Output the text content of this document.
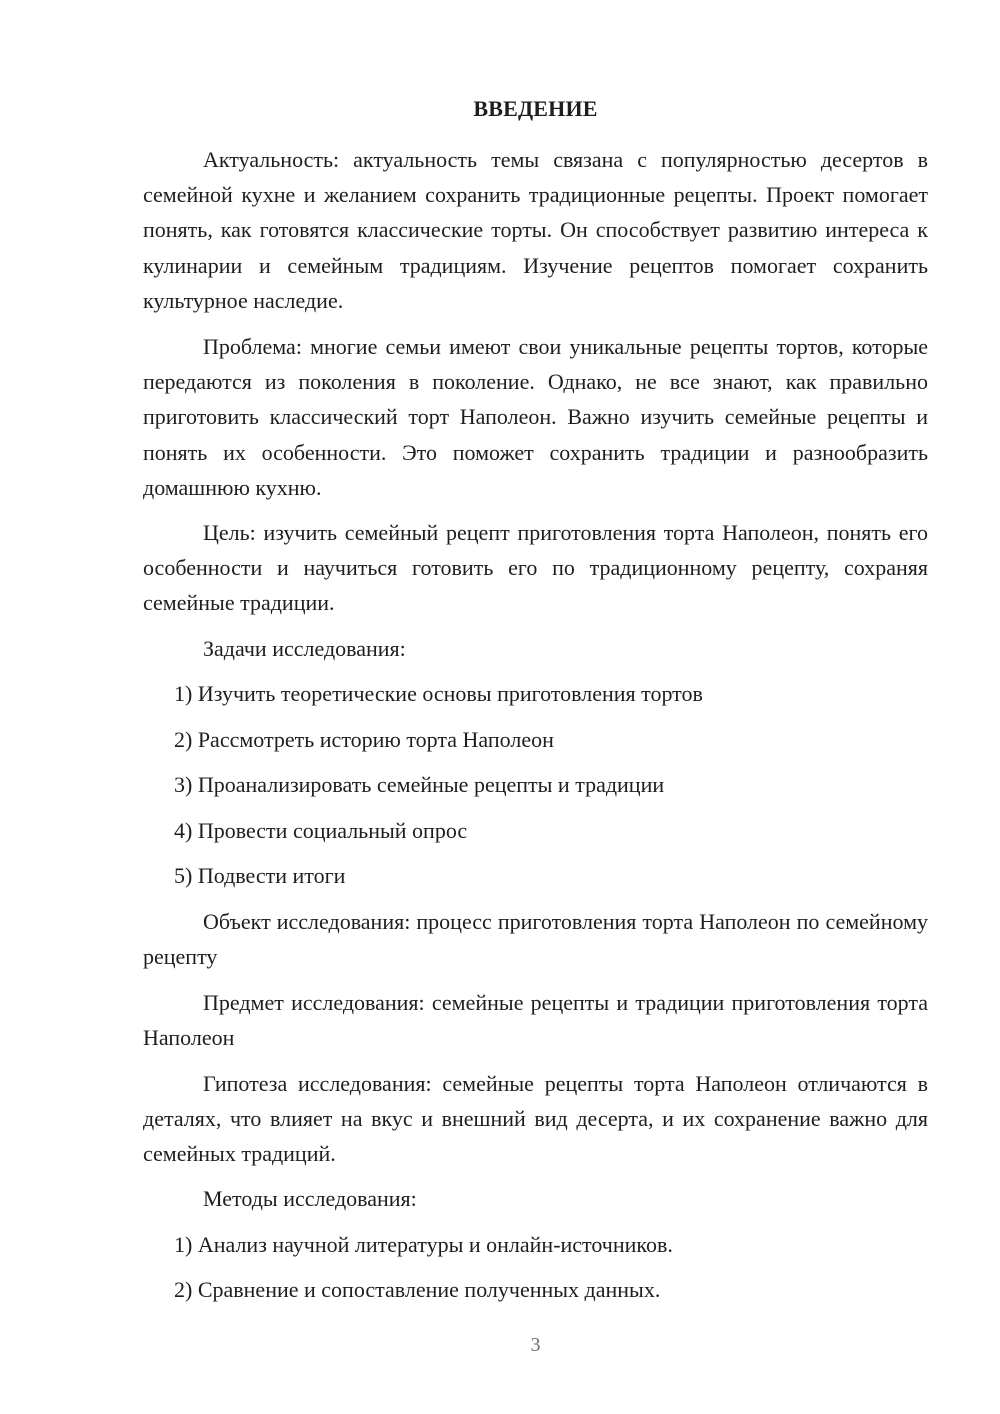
ВВЕДЕНИЕ

Актуальность: актуальность темы связана с популярностью десертов в семейной кухне и желанием сохранить традиционные рецепты. Проект помогает понять, как готовятся классические торты. Он способствует развитию интереса к кулинарии и семейным традициям. Изучение рецептов помогает сохранить культурное наследие.

Проблема: многие семьи имеют свои уникальные рецепты тортов, которые передаются из поколения в поколение. Однако, не все знают, как правильно приготовить классический торт Наполеон. Важно изучить семейные рецепты и понять их особенности. Это поможет сохранить традиции и разнообразить домашнюю кухню.

Цель: изучить семейный рецепт приготовления торта Наполеон, понять его особенности и научиться готовить его по традиционному рецепту, сохраняя семейные традиции.

Задачи исследования:

1) Изучить теоретические основы приготовления тортов

2) Рассмотреть историю торта Наполеон

3) Проанализировать семейные рецепты и традиции

4) Провести социальный опрос

5) Подвести итоги

Объект исследования: процесс приготовления торта Наполеон по семейному рецепту

Предмет исследования: семейные рецепты и традиции приготовления торта Наполеон

Гипотеза исследования: семейные рецепты торта Наполеон отличаются в деталях, что влияет на вкус и внешний вид десерта, и их сохранение важно для семейных традиций.

Методы исследования:

1) Анализ научной литературы и онлайн-источников.

2) Сравнение и сопоставление полученных данных.

3
